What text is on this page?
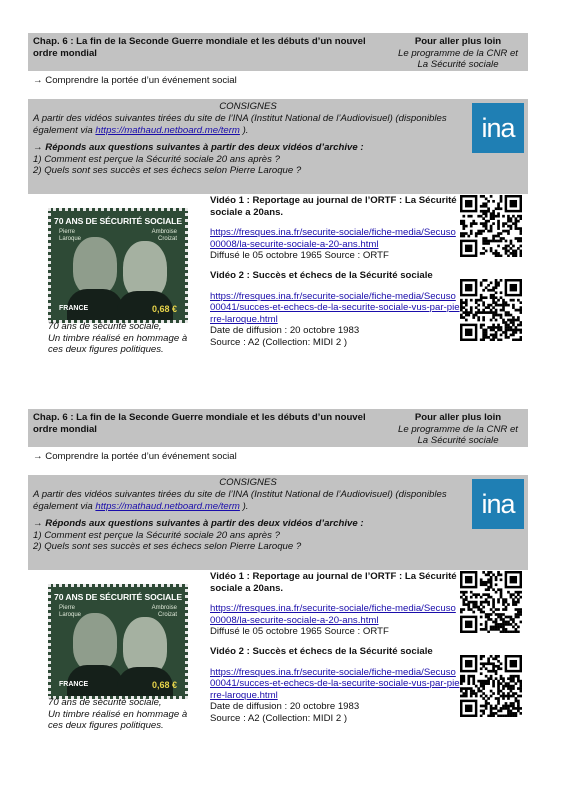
Chap. 6 : La fin de la Seconde Guerre mondiale et les débuts d’un nouvel ordre mondial
Pour aller plus loin
Le programme de la CNR et
La Sécurité sociale
→ Comprendre la portée d’un événement social
CONSIGNES
A partir des vidéos suivantes tirées du site de l’INA (Institut National de l’Audiovisuel) (disponibles également via https://mathaud.netboard.me/term ).
→ Réponds aux questions suivantes à partir des deux vidéos d’archive :
1) Comment est perçue la Sécurité sociale 20 ans après ?
2) Quels sont ses succès et ses échecs selon Pierre Laroque ?
ina
70 ANS DE SÉCURITÉ SOCIALE
Pierre
Laroque
Ambroise
Croizat
FRANCE	0,68 €
70 ans de sécurité sociale,
Un timbre réalisé en hommage à
ces deux figures politiques.
Vidéo 1 : Reportage au journal de l’ORTF : La Sécurité sociale a 20ans.
https://fresques.ina.fr/securite-sociale/fiche-media/Secuso00008/la-securite-sociale-a-20-ans.html
Diffusé le 05 octobre 1965 Source : ORTF
Vidéo 2 : Succès et échecs de la Sécurité sociale
https://fresques.ina.fr/securite-sociale/fiche-media/Secuso00041/succes-et-echecs-de-la-securite-sociale-vus-par-pierre-laroque.html
Date de diffusion : 20 octobre 1983
Source : A2 (Collection: MIDI 2 )
Chap. 6 : La fin de la Seconde Guerre mondiale et les débuts d’un nouvel ordre mondial
Pour aller plus loin
Le programme de la CNR et
La Sécurité sociale
→ Comprendre la portée d’un événement social
CONSIGNES
A partir des vidéos suivantes tirées du site de l’INA (Institut National de l’Audiovisuel) (disponibles également via https://mathaud.netboard.me/term ).
→ Réponds aux questions suivantes à partir des deux vidéos d’archive :
1) Comment est perçue la Sécurité sociale 20 ans après ?
2) Quels sont ses succès et ses échecs selon Pierre Laroque ?
ina
70 ANS DE SÉCURITÉ SOCIALE
Pierre
Laroque
Ambroise
Croizat
FRANCE	0,68 €
70 ans de sécurité sociale,
Un timbre réalisé en hommage à
ces deux figures politiques.
Vidéo 1 : Reportage au journal de l’ORTF : La Sécurité sociale a 20ans.
https://fresques.ina.fr/securite-sociale/fiche-media/Secuso00008/la-securite-sociale-a-20-ans.html
Diffusé le 05 octobre 1965 Source : ORTF
Vidéo 2 : Succès et échecs de la Sécurité sociale
https://fresques.ina.fr/securite-sociale/fiche-media/Secuso00041/succes-et-echecs-de-la-securite-sociale-vus-par-pierre-laroque.html
Date de diffusion : 20 octobre 1983
Source : A2 (Collection: MIDI 2 )
